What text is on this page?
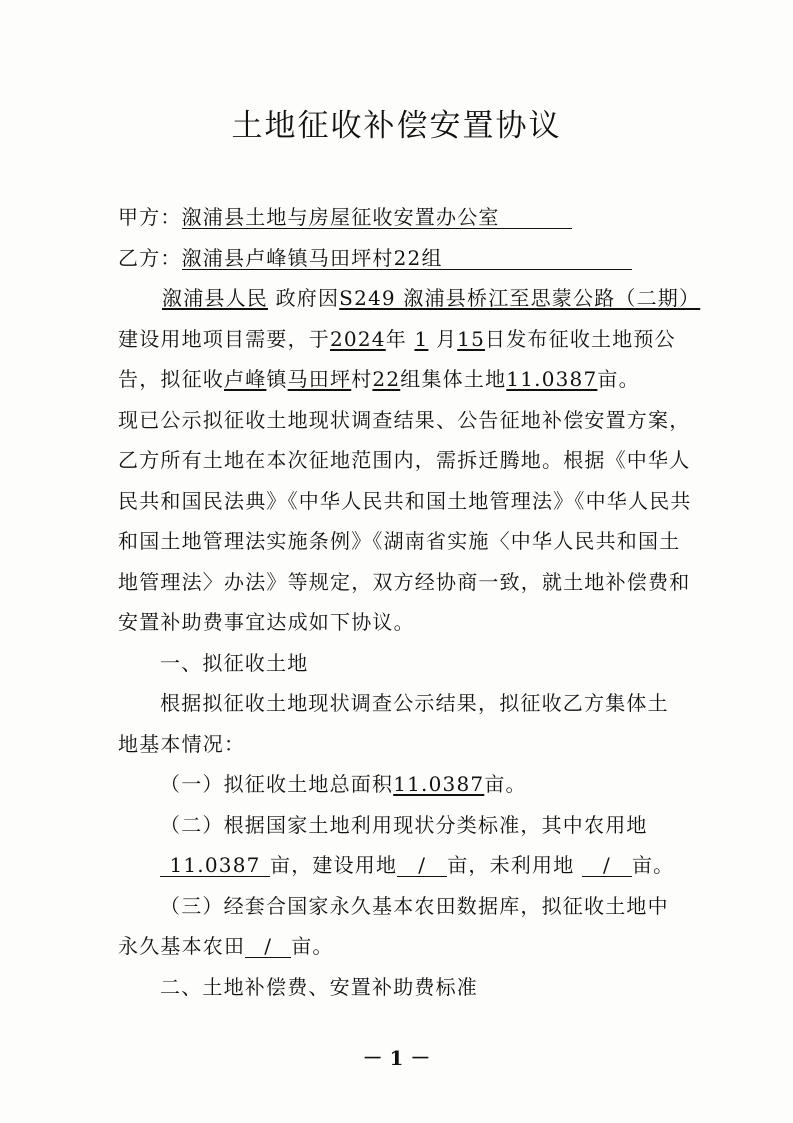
土地征收补偿安置协议
甲方：溆浦县土地与房屋征收安置办公室
乙方：溆浦县卢峰镇马田坪村22组
溆浦县人民 政府因S249 溆浦县桥江至思蒙公路（二期）
建设用地项目需要，于2024年 1 月15日发布征收土地预公
告，拟征收卢峰镇马田坪村22组集体土地11.0387亩。
现已公示拟征收土地现状调查结果、公告征地补偿安置方案，
乙方所有土地在本次征地范围内，需拆迁腾地。根据《中华人
民共和国民法典》《中华人民共和国土地管理法》《中华人民共
和国土地管理法实施条例》《湖南省实施〈中华人民共和国土
地管理法〉办法》等规定，双方经协商一致，就土地补偿费和
安置补助费事宜达成如下协议。
一、拟征收土地
根据拟征收土地现状调查公示结果，拟征收乙方集体土
地基本情况：
（一）拟征收土地总面积11.0387亩。
（二）根据国家土地利用现状分类标准，其中农用地
11.0387 亩，建设用地 / 亩，未利用地 / 亩。
（三）经套合国家永久基本农田数据库，拟征收土地中
永久基本农田 / 亩。
二、土地补偿费、安置补助费标准
－ 1 －
